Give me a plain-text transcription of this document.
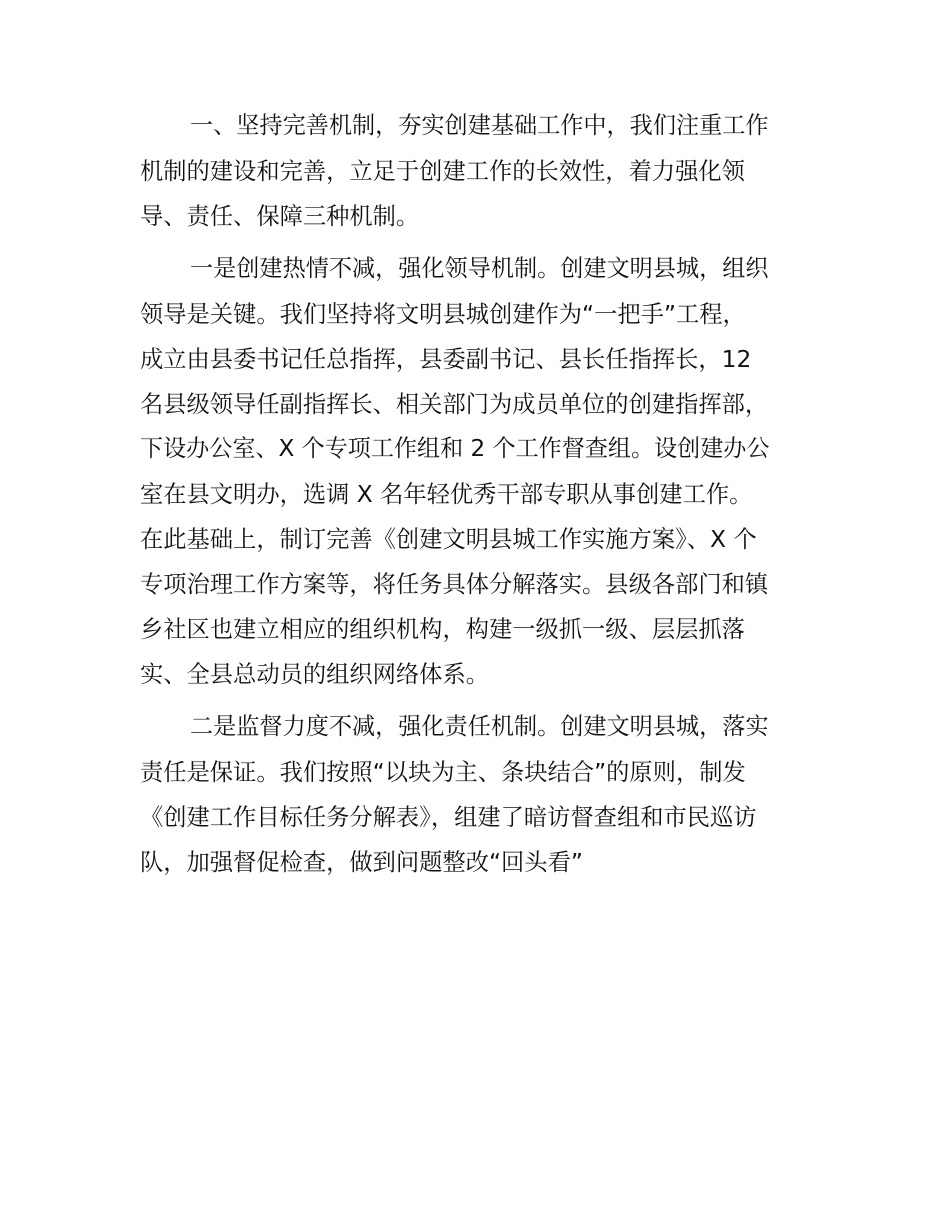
一、坚持完善机制，夯实创建基础工作中，我们注重工作
机制的建设和完善，立足于创建工作的长效性，着力强化领
导、责任、保障三种机制。

一是创建热情不减，强化领导机制。创建文明县城，组织
领导是关键。我们坚持将文明县城创建作为“一把手”工程，
成立由县委书记任总指挥，县委副书记、县长任指挥长，12
名县级领导任副指挥长、相关部门为成员单位的创建指挥部，
下设办公室、X 个专项工作组和 2 个工作督查组。设创建办公
室在县文明办，选调 X 名年轻优秀干部专职从事创建工作。
在此基础上，制订完善《创建文明县城工作实施方案》、X 个
专项治理工作方案等，将任务具体分解落实。县级各部门和镇
乡社区也建立相应的组织机构，构建一级抓一级、层层抓落
实、全县总动员的组织网络体系。

二是监督力度不减，强化责任机制。创建文明县城，落实
责任是保证。我们按照“以块为主、条块结合”的原则，制发
《创建工作目标任务分解表》，组建了暗访督查组和市民巡访
队，加强督促检查，做到问题整改“回头看”
